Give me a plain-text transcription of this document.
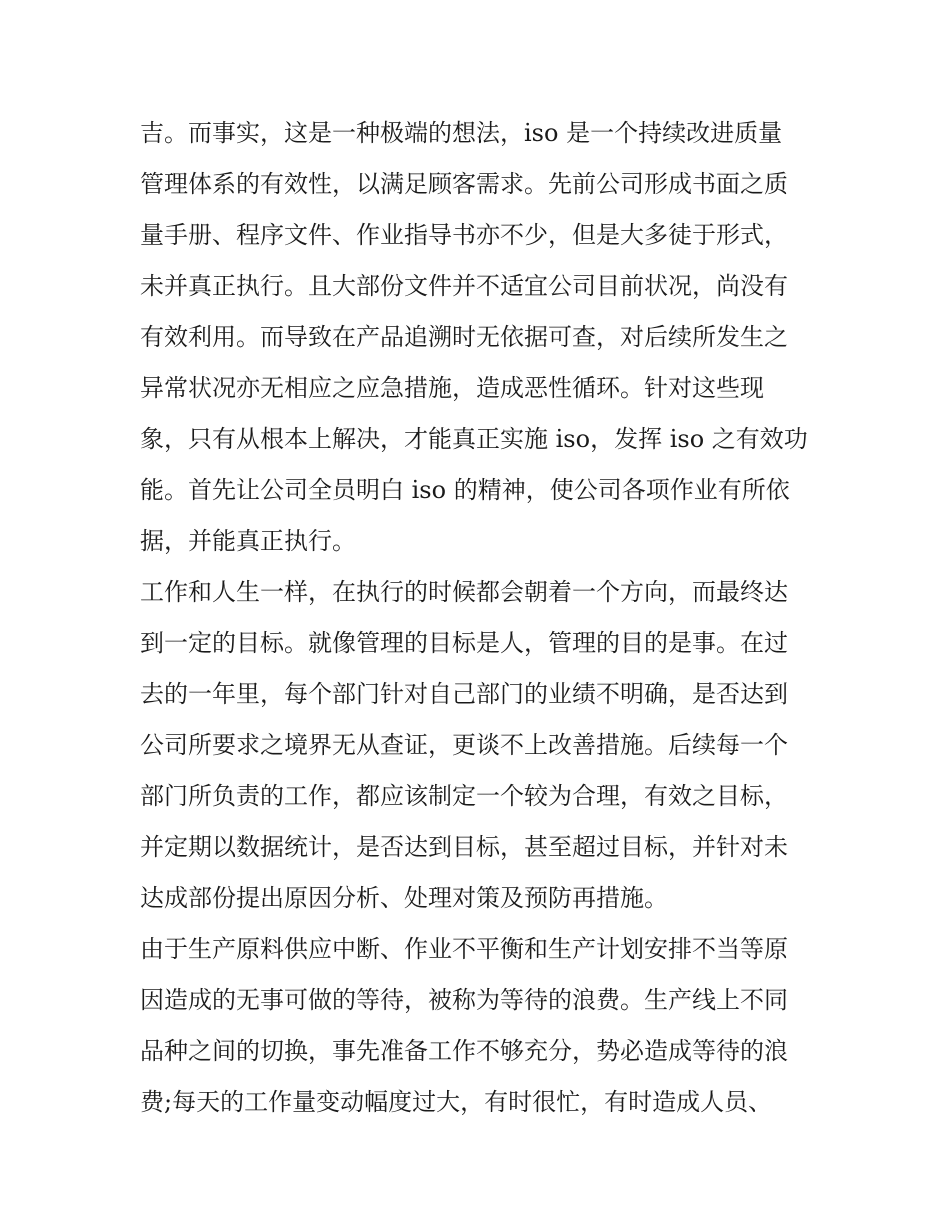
吉。而事实，这是一种极端的想法，iso 是一个持续改进质量
管理体系的有效性，以满足顾客需求。先前公司形成书面之质
量手册、程序文件、作业指导书亦不少，但是大多徒于形式，
未并真正执行。且大部份文件并不适宜公司目前状况，尚没有
有效利用。而导致在产品追溯时无依据可查，对后续所发生之
异常状况亦无相应之应急措施，造成恶性循环。针对这些现
象，只有从根本上解决，才能真正实施 iso，发挥 iso 之有效功
能。首先让公司全员明白 iso 的精神，使公司各项作业有所依
据，并能真正执行。
工作和人生一样，在执行的时候都会朝着一个方向，而最终达
到一定的目标。就像管理的目标是人，管理的目的是事。在过
去的一年里，每个部门针对自己部门的业绩不明确，是否达到
公司所要求之境界无从查证，更谈不上改善措施。后续每一个
部门所负责的工作，都应该制定一个较为合理，有效之目标，
并定期以数据统计，是否达到目标，甚至超过目标，并针对未
达成部份提出原因分析、处理对策及预防再措施。
由于生产原料供应中断、作业不平衡和生产计划安排不当等原
因造成的无事可做的等待，被称为等待的浪费。生产线上不同
品种之间的切换，事先准备工作不够充分，势必造成等待的浪
费;每天的工作量变动幅度过大，有时很忙，有时造成人员、
